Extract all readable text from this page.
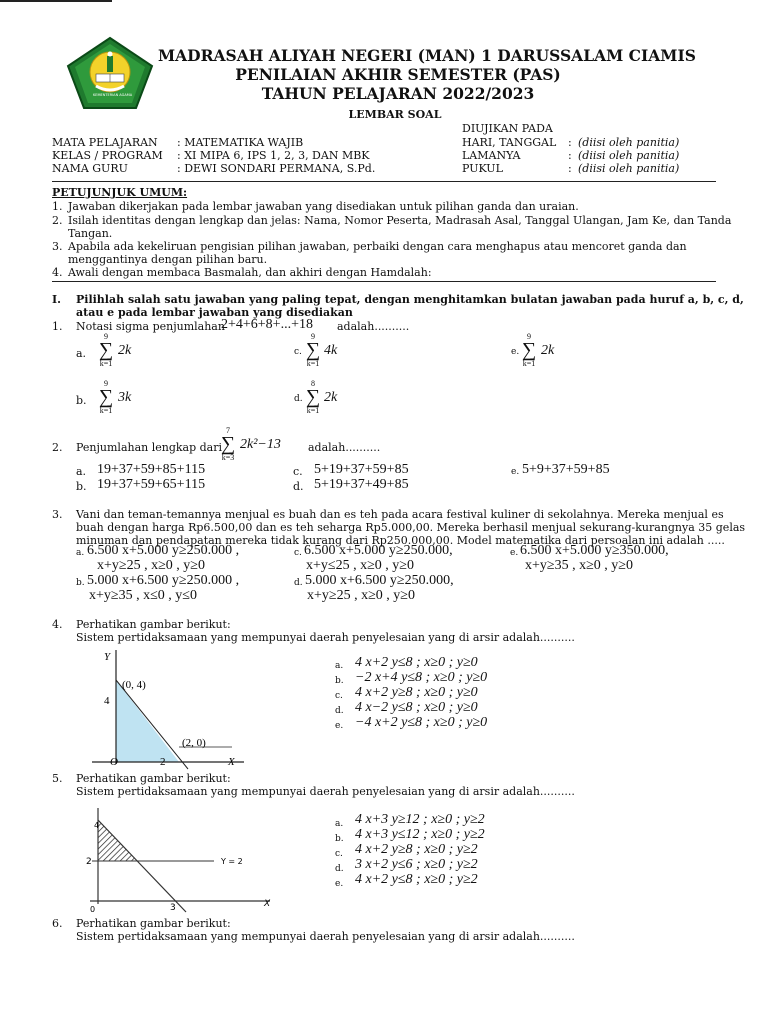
KEMENTERIAN AGAMA
MADRASAH ALIYAH NEGERI (MAN) 1 DARUSSALAM CIAMIS
PENILAIAN AKHIR SEMESTER (PAS)
TAHUN PELAJARAN 2022/2023
LEMBAR SOAL
DIUJIKAN PADA
MATA PELAJARAN : MATEMATIKA WAJIB
KELAS / PROGRAM : XI MIPA 6, IPS 1, 2, 3, DAN MBK
NAMA GURU	: DEWI SONDARI PERMANA, S.Pd.
HARI, TANGGAL : (diisi oleh panitia)
LAMANYA	: (diisi oleh panitia)
PUKUL	: (diisi oleh panitia)
PETUJUNJUK UMUM:
1. Jawaban dikerjakan pada lembar jawaban yang disediakan untuk pilihan ganda dan uraian.
2. Isilah identitas dengan lengkap dan jelas: Nama, Nomor Peserta, Madrasah Asal, Tanggal Ulangan, Jam Ke, dan Tanda
Tangan.
3. Apabila ada kekeliruan pengisian pilihan jawaban, perbaiki dengan cara menghapus atau mencoret ganda dan
menggantinya dengan pilihan baru.
4. Awali dengan membaca Basmalah, dan akhiri dengan Hamdalah:
I. Pilihlah salah satu jawaban yang paling tepat, dengan menghitamkan bulatan jawaban pada huruf a, b, c, d,
atau e pada lembar jawaban yang disediakan
1. Notasi sigma penjumlahan
2+4+6+8+...+18 adalah..........
a.
9
∑
k=1
2k	c.
9
∑
k=1
4k	e.
9
∑
k=1
2k
b.
9
∑
k=1
3k	d.
8
∑
k=1
2k
2. Penjumlahan lengkap dari
7
∑
k=3
2k²−13 adalah..........
a. 19+37+59+85+115	c. 5+19+37+59+85	e. 5+9+37+59+85
b. 19+37+59+65+115	d. 5+19+37+49+85
3. Vani dan teman-temannya menjual es buah dan es teh pada acara festival kuliner di sekolahnya. Mereka menjual es
buah dengan harga Rp6.500,00 dan es teh seharga Rp5.000,00. Mereka berhasil menjual sekurang-kurangnya 35 gelas
minuman dan pendapatan mereka tidak kurang dari Rp250.000,00. Model matematika dari persoalan ini adalah .....
a. 6.500 x+5.000 y≥250.000 ,
x+y≥25 , x≥0 , y≥0
c. 6.500 x+5.000 y≥250.000,
x+y≤25 , x≥0 , y≥0
e. 6.500 x+5.000 y≥350.000,
x+y≥35 , x≥0 , y≥0
b. 5.000 x+6.500 y≥250.000 ,
x+y≥35 , x≤0 , y≤0
d. 5.000 x+6.500 y≥250.000,
x+y≥25 , x≥0 , y≥0
4. Perhatikan gambar berikut:
Sistem pertidaksamaan yang mempunyai daerah penyelesaian yang di arsir adalah..........
Y
4
(0, 4)
(2, 0)
O	2	X
a. 4 x+2 y≤8 ; x≥0 ; y≥0
b. −2 x+4 y≤8 ; x≥0 ; y≥0
c. 4 x+2 y≥8 ; x≥0 ; y≥0
d. 4 x−2 y≤8 ; x≥0 ; y≥0
e. −4 x+2 y≤8 ; x≥0 ; y≥0
5. Perhatikan gambar berikut:
Sistem pertidaksamaan yang mempunyai daerah penyelesaian yang di arsir adalah..........
4
2
0	3
Y = 2
X
a. 4 x+3 y≥12 ; x≥0 ; y≥2
b. 4 x+3 y≤12 ; x≥0 ; y≥2
c. 4 x+2 y≥8 ; x≥0 ; y≥2
d. 3 x+2 y≤6 ; x≥0 ; y≥2
e. 4 x+2 y≤8 ; x≥0 ; y≥2
6. Perhatikan gambar berikut:
Sistem pertidaksamaan yang mempunyai daerah penyelesaian yang di arsir adalah..........
